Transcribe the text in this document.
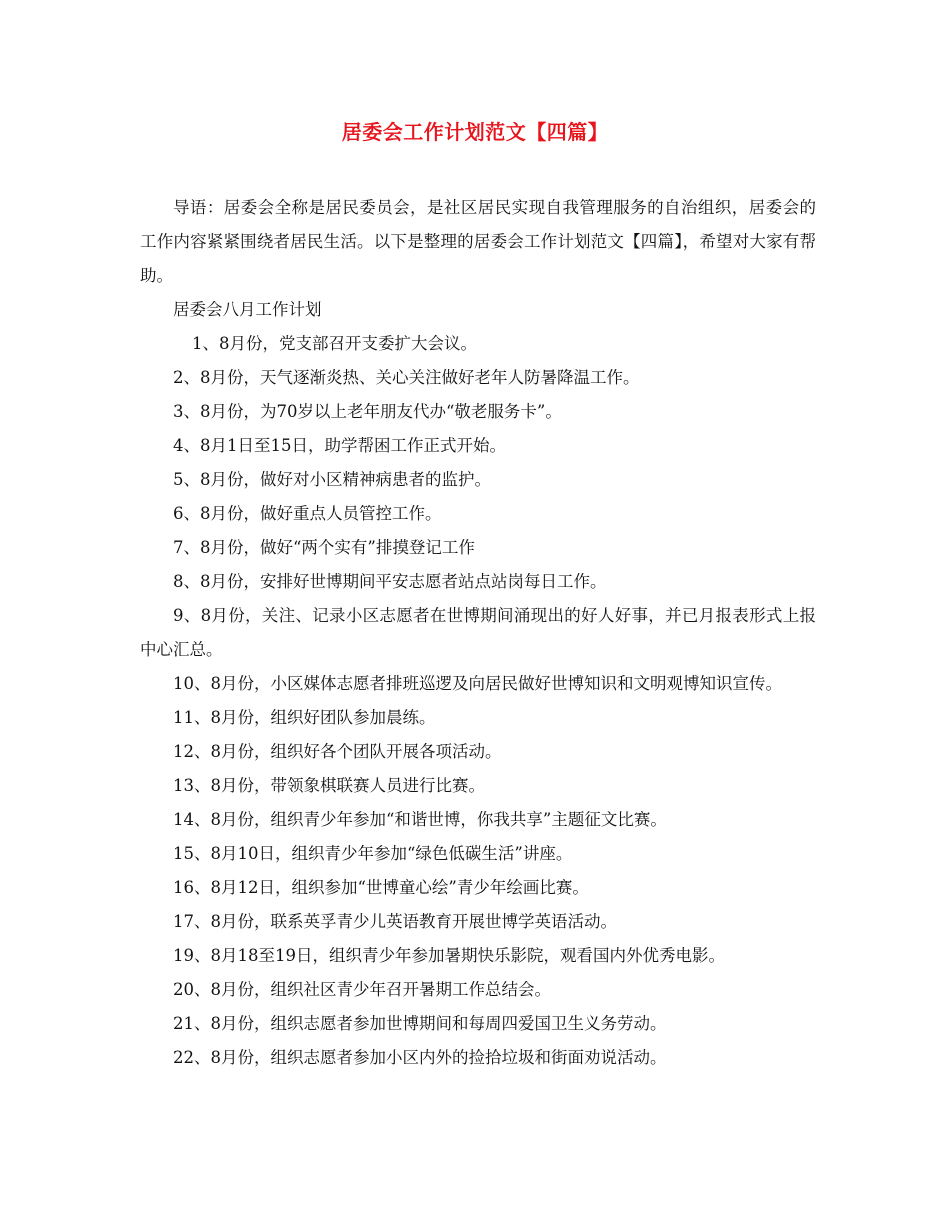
居委会工作计划范文【四篇】

导语：居委会全称是居民委员会，是社区居民实现自我管理服务的自治组织，居委会的工作内容紧紧围绕者居民生活。以下是整理的居委会工作计划范文【四篇】，希望对大家有帮助。

居委会八月工作计划

1、8月份，党支部召开支委扩大会议。

2、8月份，天气逐渐炎热、关心关注做好老年人防暑降温工作。

3、8月份，为70岁以上老年朋友代办“敬老服务卡”。

4、8月1日至15日，助学帮困工作正式开始。

5、8月份，做好对小区精神病患者的监护。

6、8月份，做好重点人员管控工作。

7、8月份，做好“两个实有”排摸登记工作

8、8月份，安排好世博期间平安志愿者站点站岗每日工作。

9、8月份，关注、记录小区志愿者在世博期间涌现出的好人好事，并已月报表形式上报中心汇总。

10、8月份，小区媒体志愿者排班巡逻及向居民做好世博知识和文明观博知识宣传。

11、8月份，组织好团队参加晨练。

12、8月份，组织好各个团队开展各项活动。

13、8月份，带领象棋联赛人员进行比赛。

14、8月份，组织青少年参加“和谐世博，你我共享”主题征文比赛。

15、8月10日，组织青少年参加“绿色低碳生活”讲座。

16、8月12日，组织参加“世博童心绘”青少年绘画比赛。

17、8月份，联系英孚青少儿英语教育开展世博学英语活动。

19、8月18至19日，组织青少年参加暑期快乐影院，观看国内外优秀电影。

20、8月份，组织社区青少年召开暑期工作总结会。

21、8月份，组织志愿者参加世博期间和每周四爱国卫生义务劳动。

22、8月份，组织志愿者参加小区内外的捡拾垃圾和街面劝说活动。
